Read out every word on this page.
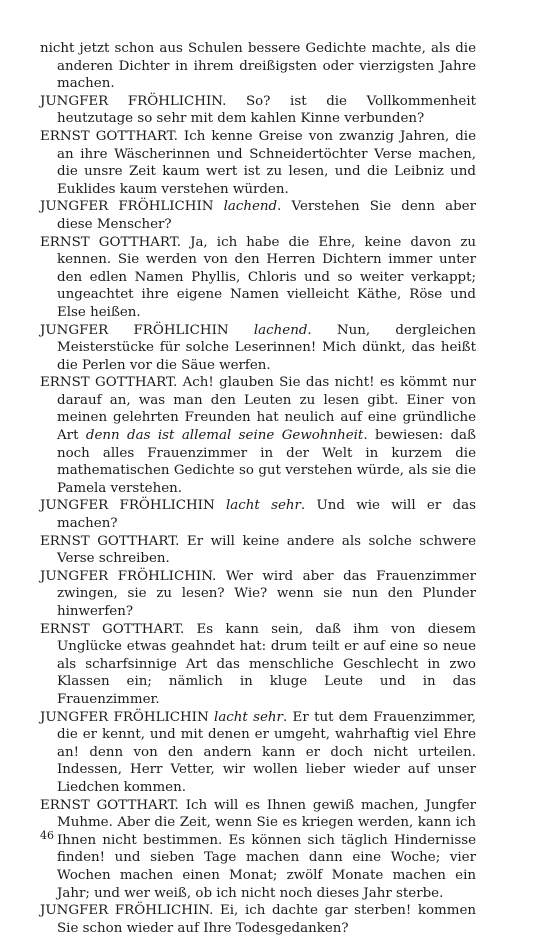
nicht jetzt schon aus Schulen bessere Gedichte machte, als die anderen Dichter in ihrem dreißigsten oder vierzigsten Jahre machen.

JUNGFER FRÖHLICHIN. So? ist die Vollkommenheit heutzutage so sehr mit dem kahlen Kinne verbunden?

ERNST GOTTHART. Ich kenne Greise von zwanzig Jahren, die an ihre Wäscherinnen und Schneidertöchter Verse machen, die unsre Zeit kaum wert ist zu lesen, und die Leibniz und Euklides kaum verstehen würden.

JUNGFER FRÖHLICHIN lachend. Verstehen Sie denn aber diese Menscher?

ERNST GOTTHART. Ja, ich habe die Ehre, keine davon zu kennen. Sie werden von den Herren Dichtern immer unter den edlen Namen Phyllis, Chloris und so weiter verkappt; ungeachtet ihre eigene Namen vielleicht Käthe, Röse und Else heißen.

JUNGFER FRÖHLICHIN lachend. Nun, dergleichen Meisterstücke für solche Leserinnen! Mich dünkt, das heißt die Perlen vor die Säue werfen.

ERNST GOTTHART. Ach! glauben Sie das nicht! es kömmt nur darauf an, was man den Leuten zu lesen gibt. Einer von meinen gelehrten Freunden hat neulich auf eine gründliche Art denn das ist allemal seine Gewohnheit. bewiesen: daß noch alles Frauenzimmer in der Welt in kurzem die mathematischen Gedichte so gut verstehen würde, als sie die Pamela verstehen.

JUNGFER FRÖHLICHIN lacht sehr. Und wie will er das machen?

ERNST GOTTHART. Er will keine andere als solche schwere Verse schreiben.

JUNGFER FRÖHLICHIN. Wer wird aber das Frauenzimmer zwingen, sie zu lesen? Wie? wenn sie nun den Plunder hinwerfen?

ERNST GOTTHART. Es kann sein, daß ihm von diesem Unglücke etwas geahndet hat: drum teilt er auf eine so neue als scharfsinnige Art das menschliche Geschlecht in zwo Klassen ein; nämlich in kluge Leute und in das Frauenzimmer.

JUNGFER FRÖHLICHIN lacht sehr. Er tut dem Frauenzimmer, die er kennt, und mit denen er umgeht, wahrhaftig viel Ehre an! denn von den andern kann er doch nicht urteilen. Indessen, Herr Vetter, wir wollen lieber wieder auf unser Liedchen kommen.

ERNST GOTTHART. Ich will es Ihnen gewiß machen, Jungfer Muhme. Aber die Zeit, wenn Sie es kriegen werden, kann ich Ihnen nicht bestimmen. Es können sich täglich Hindernisse finden! und sieben Tage machen dann eine Woche; vier Wochen machen einen Monat; zwölf Monate machen ein Jahr; und wer weiß, ob ich nicht noch dieses Jahr sterbe.

JUNGFER FRÖHLICHIN. Ei, ich dachte gar sterben! kommen Sie schon wieder auf Ihre Todesgedanken?

46
